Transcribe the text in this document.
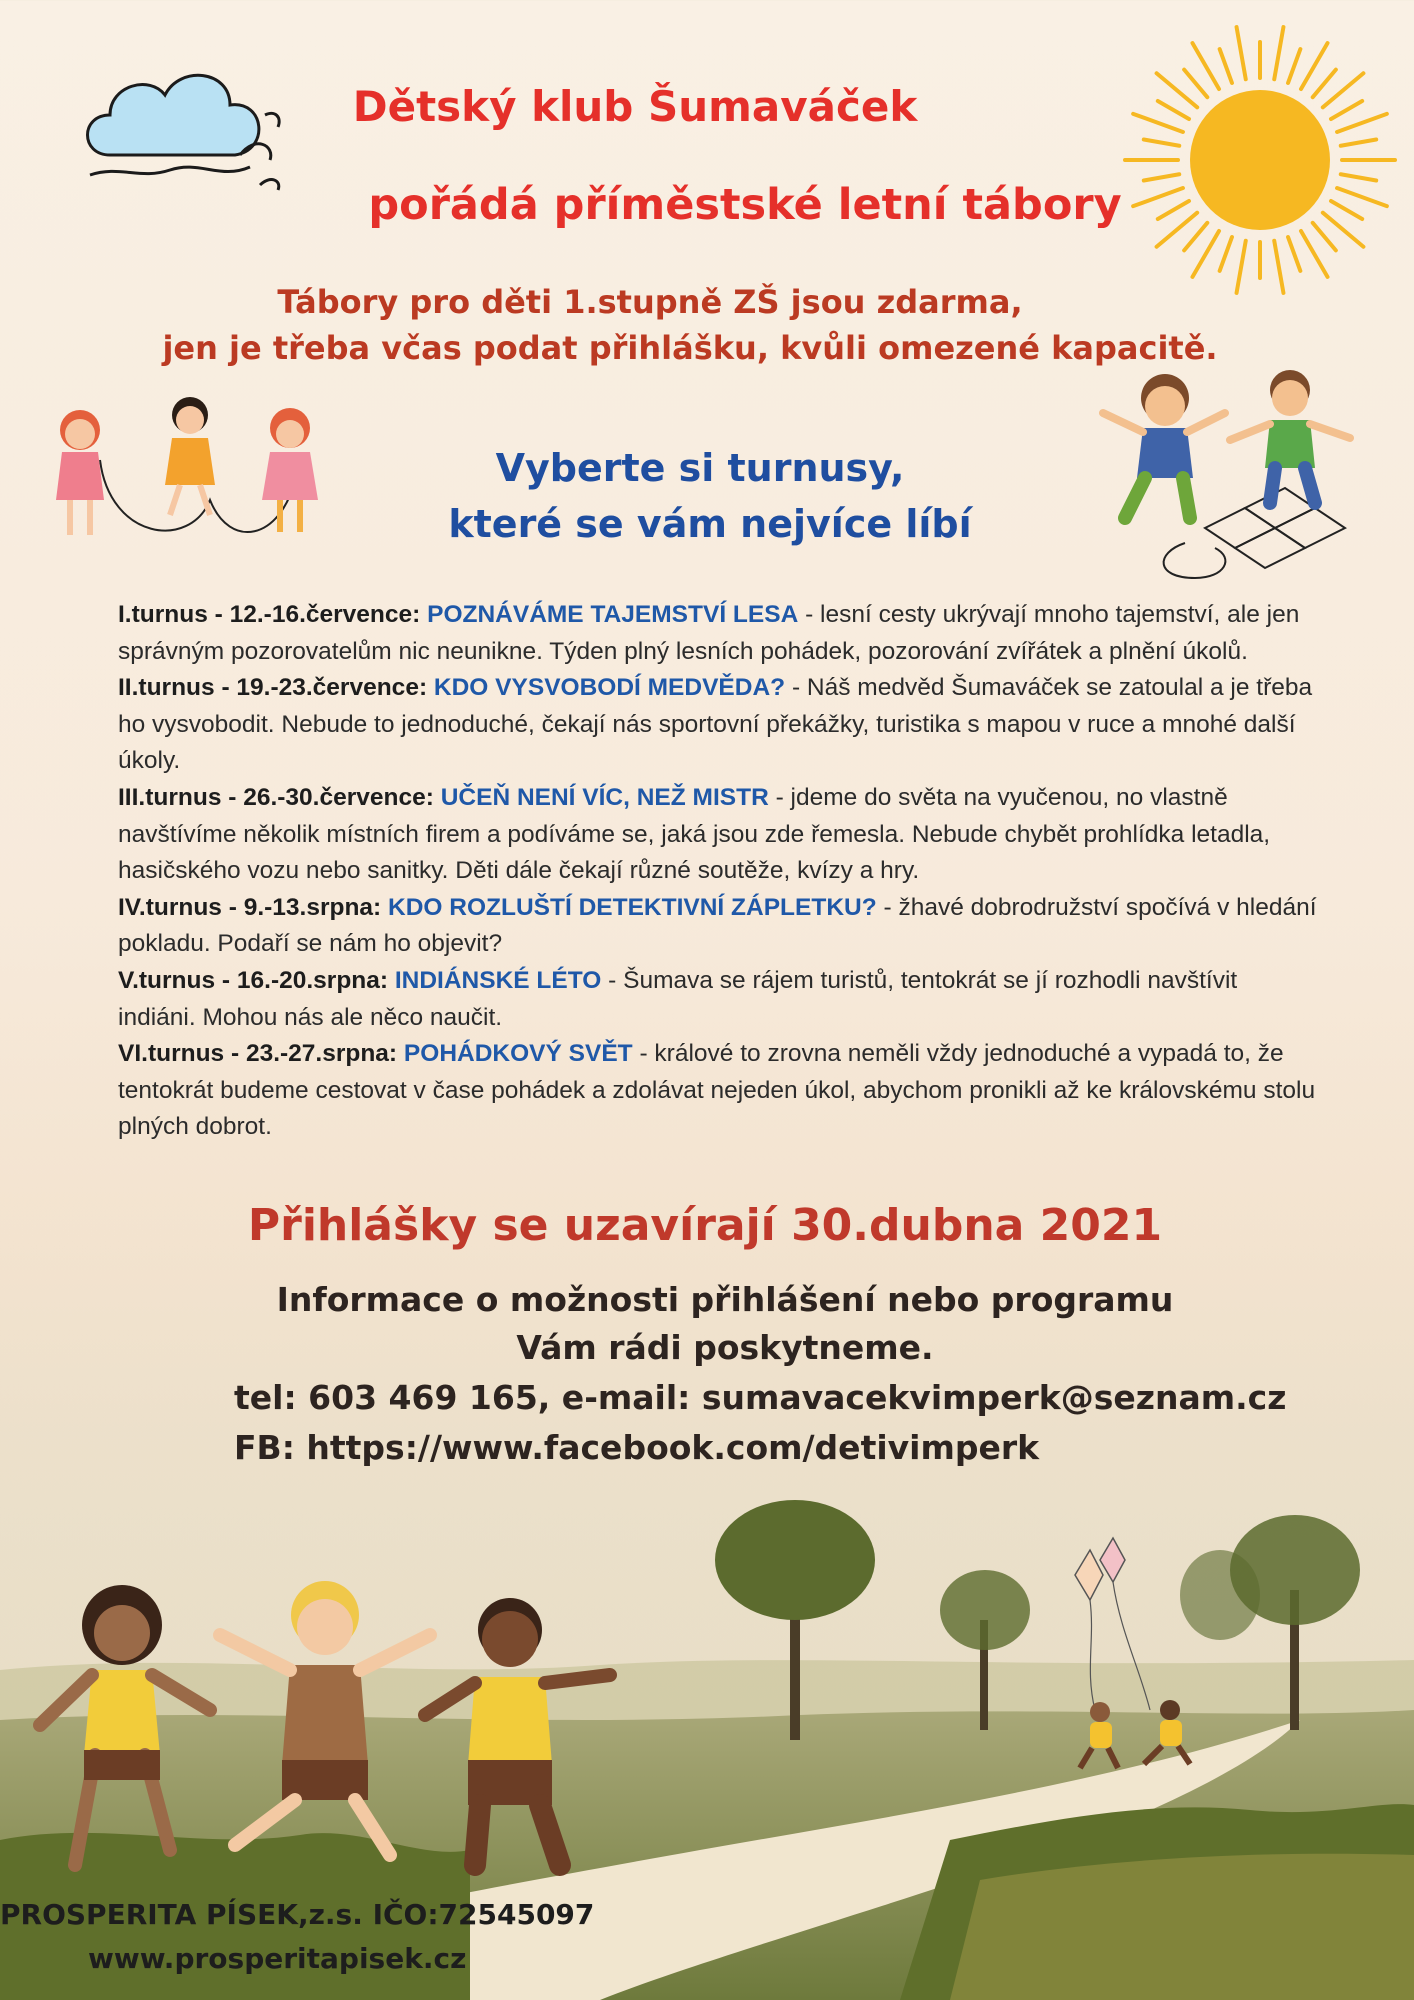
Dětský klub Šumaváček
pořádá příměstské letní tábory
Tábory pro děti 1.stupně ZŠ jsou zdarma,
jen je třeba včas podat přihlášku, kvůli omezené kapacitě.
Vyberte si turnusy,
které se vám nejvíce líbí

I.turnus - 12.-16.července: POZNÁVÁME TAJEMSTVÍ LESA - lesní cesty ukrývají mnoho tajemství, ale jen správným pozorovatelům nic neunikne. Týden plný lesních pohádek, pozorování zvířátek a plnění úkolů.

II.turnus - 19.-23.července: KDO VYSVOBODÍ MEDVĚDA? - Náš medvěd Šumaváček se zatoulal a je třeba ho vysvobodit. Nebude to jednoduché, čekají nás sportovní překážky, turistika s mapou v ruce a mnohé další úkoly.

III.turnus - 26.-30.července: UČEŇ NENÍ VÍC, NEŽ MISTR - jdeme do světa na vyučenou, no vlastně navštívíme několik místních firem a podíváme se, jaká jsou zde řemesla. Nebude chybět prohlídka letadla, hasičského vozu nebo sanitky. Děti dále čekají různé soutěže, kvízy a hry.

IV.turnus - 9.-13.srpna: KDO ROZLUŠTÍ DETEKTIVNÍ ZÁPLETKU? - žhavé dobrodružství spočívá v hledání pokladu. Podaří se nám ho objevit?

V.turnus - 16.-20.srpna: INDIÁNSKÉ LÉTO - Šumava se rájem turistů, tentokrát se jí rozhodli navštívit indiáni. Mohou nás ale něco naučit.

VI.turnus - 23.-27.srpna: POHÁDKOVÝ SVĚT - králové to zrovna neměli vždy jednoduché a vypadá to, že tentokrát budeme cestovat v čase pohádek a zdolávat nejeden úkol, abychom pronikli až ke královskému stolu plných dobrot.

Přihlášky se uzavírají 30.dubna 2021
Informace o možnosti přihlášení nebo programu
Vám rádi poskytneme.
tel: 603 469 165, e-mail: sumavacekvimperk@seznam.cz
FB: https://www.facebook.com/detivimperk
PROSPERITA PÍSEK,z.s. IČO:72545097
www.prosperitapisek.cz
